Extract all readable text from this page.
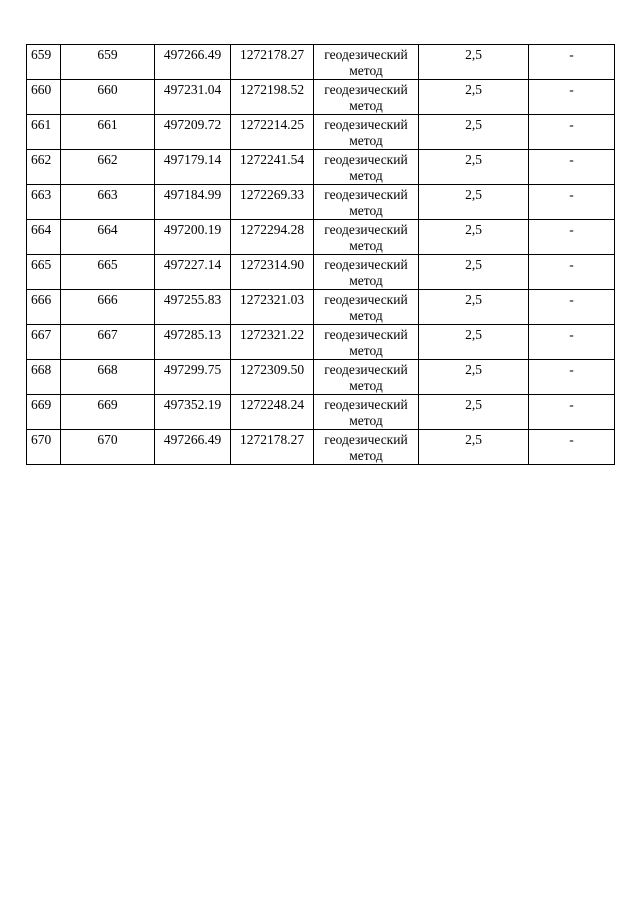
659	659	497266.49	1272178.27	геодезический метод	2,5	-
660	660	497231.04	1272198.52	геодезический метод	2,5	-
661	661	497209.72	1272214.25	геодезический метод	2,5	-
662	662	497179.14	1272241.54	геодезический метод	2,5	-
663	663	497184.99	1272269.33	геодезический метод	2,5	-
664	664	497200.19	1272294.28	геодезический метод	2,5	-
665	665	497227.14	1272314.90	геодезический метод	2,5	-
666	666	497255.83	1272321.03	геодезический метод	2,5	-
667	667	497285.13	1272321.22	геодезический метод	2,5	-
668	668	497299.75	1272309.50	геодезический метод	2,5	-
669	669	497352.19	1272248.24	геодезический метод	2,5	-
670	670	497266.49	1272178.27	геодезический метод	2,5	-
